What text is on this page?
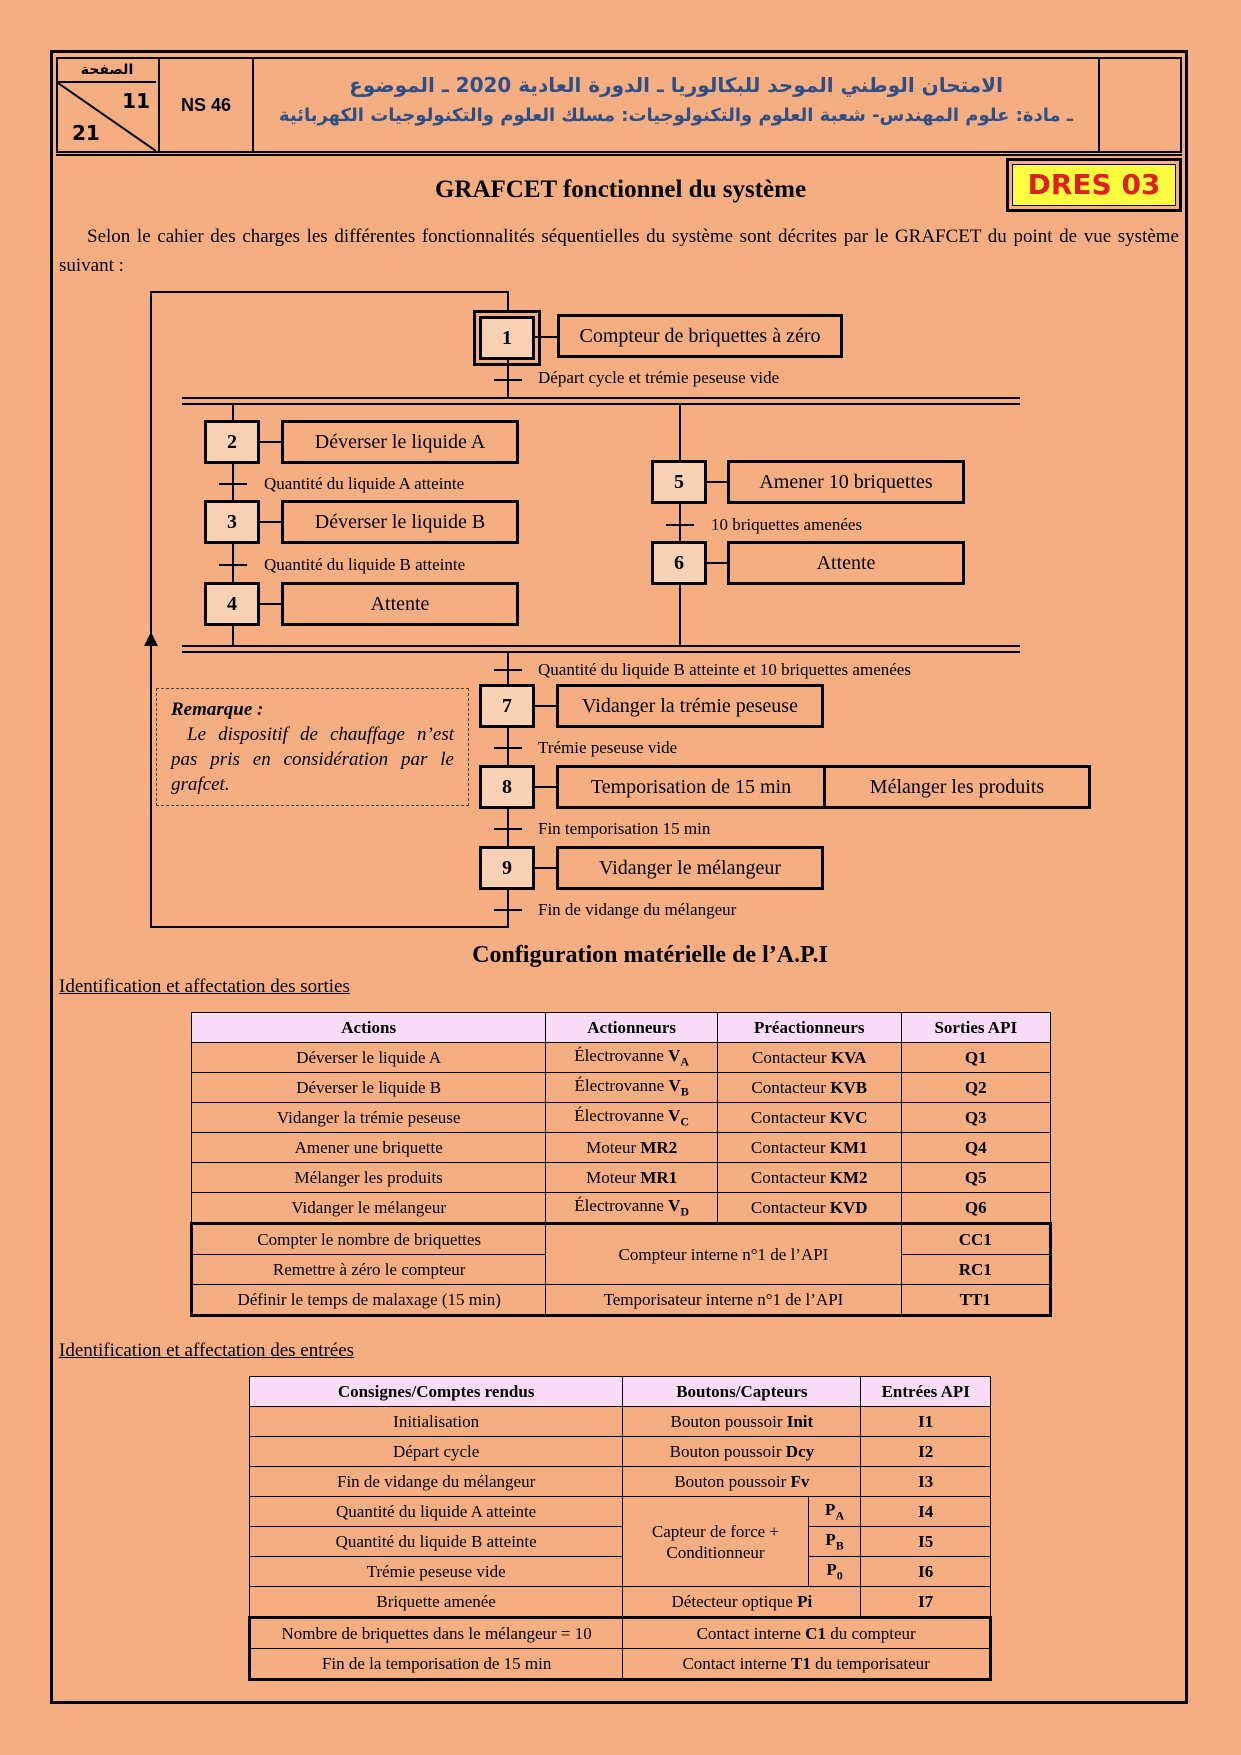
الصفحة
11
21
NS 46
الامتحان الوطني الموحد للبكالوريا ـ الدورة العادية 2020 ـ الموضوع
ـ مادة: علوم المهندس- شعبة العلوم والتكنولوجيات: مسلك العلوم والتكنولوجيات الكهربائية
DRES 03
GRAFCET fonctionnel du système
Selon le cahier des charges les différentes fonctionnalités séquentielles du système sont décrites par le GRAFCET du point de vue système suivant :
1	Compteur de briquettes à zéro
Départ cycle et trémie peseuse vide
2	Déverser le liquide A
Quantité du liquide A atteinte
3	Déverser le liquide B
Quantité du liquide B atteinte
4	Attente
5	Amener 10 briquettes
10 briquettes amenées
6	Attente
Quantité du liquide B atteinte et 10 briquettes amenées
7	Vidanger la trémie peseuse
Trémie peseuse vide
8	Temporisation de 15 min	Mélanger les produits
Fin temporisation 15 min
9	Vidanger le mélangeur
Fin de vidange du mélangeur
Remarque :
Le dispositif de chauffage n’est pas pris en considération par le grafcet.
Configuration matérielle de l’A.P.I
Identification et affectation des sorties
Actions	Actionneurs	Préactionneurs	Sorties API
Déverser le liquide A	Électrovanne $V_A$	Contacteur KVA	Q1
Déverser le liquide B	Électrovanne $V_B$	Contacteur KVB	Q2
Vidanger la trémie peseuse	Électrovanne $V_C$	Contacteur KVC	Q3
Amener une briquette	Moteur MR2	Contacteur KM1	Q4
Mélanger les produits	Moteur MR1	Contacteur KM2	Q5
Vidanger le mélangeur	Électrovanne $V_D$	Contacteur KVD	Q6
Compter le nombre de briquettes	Compteur interne n°1 de l’API		CC1
Remettre à zéro le compteur			RC1
Définir le temps de malaxage (15 min)	Temporisateur interne n°1 de l’API		TT1
Identification et affectation des entrées
Consignes/Comptes rendus	Boutons/Capteurs		Entrées API
Initialisation	Bouton poussoir Init		I1
Départ cycle	Bouton poussoir Dcy		I2
Fin de vidange du mélangeur	Bouton poussoir Fv		I3
Quantité du liquide A atteinte	Capteur de force + Conditionneur	$P_A$	I4
Quantité du liquide B atteinte		$P_B$	I5
Trémie peseuse vide		$P_0$	I6
Briquette amenée	Détecteur optique Pi		I7
Nombre de briquettes dans le mélangeur = 10	Contact interne C1 du compteur		
Fin de la temporisation de 15 min	Contact interne T1 du temporisateur		
